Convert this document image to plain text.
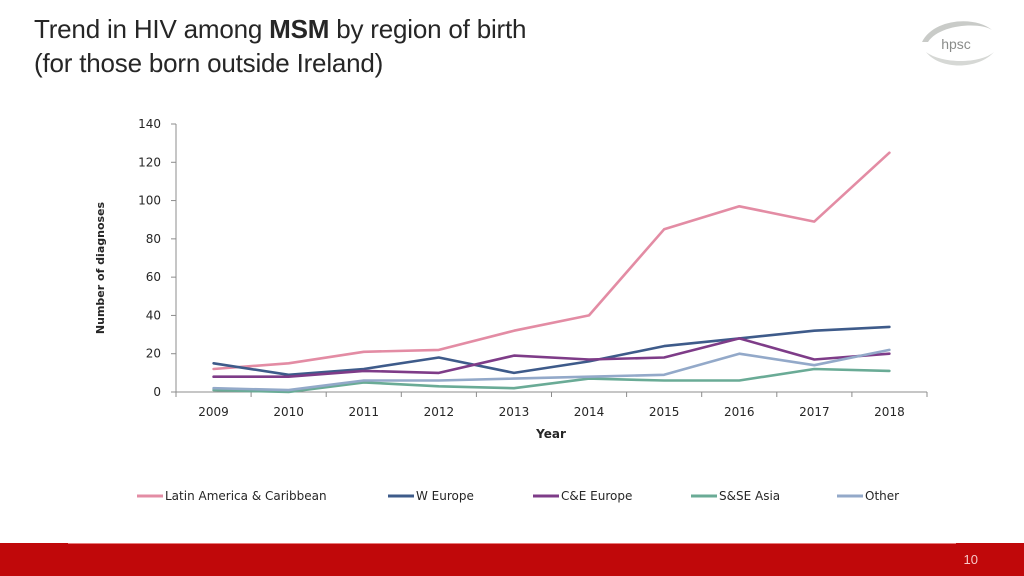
Trend in HIV among MSM by region of birth
(for those born outside Ireland)
hpsc
0
20
40
60
80
100
120
140
2009	2010	2011	2012	2013	2014	2015	2016	2017	2018
Latin America & Caribbean	W Europe	C&E Europe	S&SE Asia	Other
Year
Number of diagnoses
10
